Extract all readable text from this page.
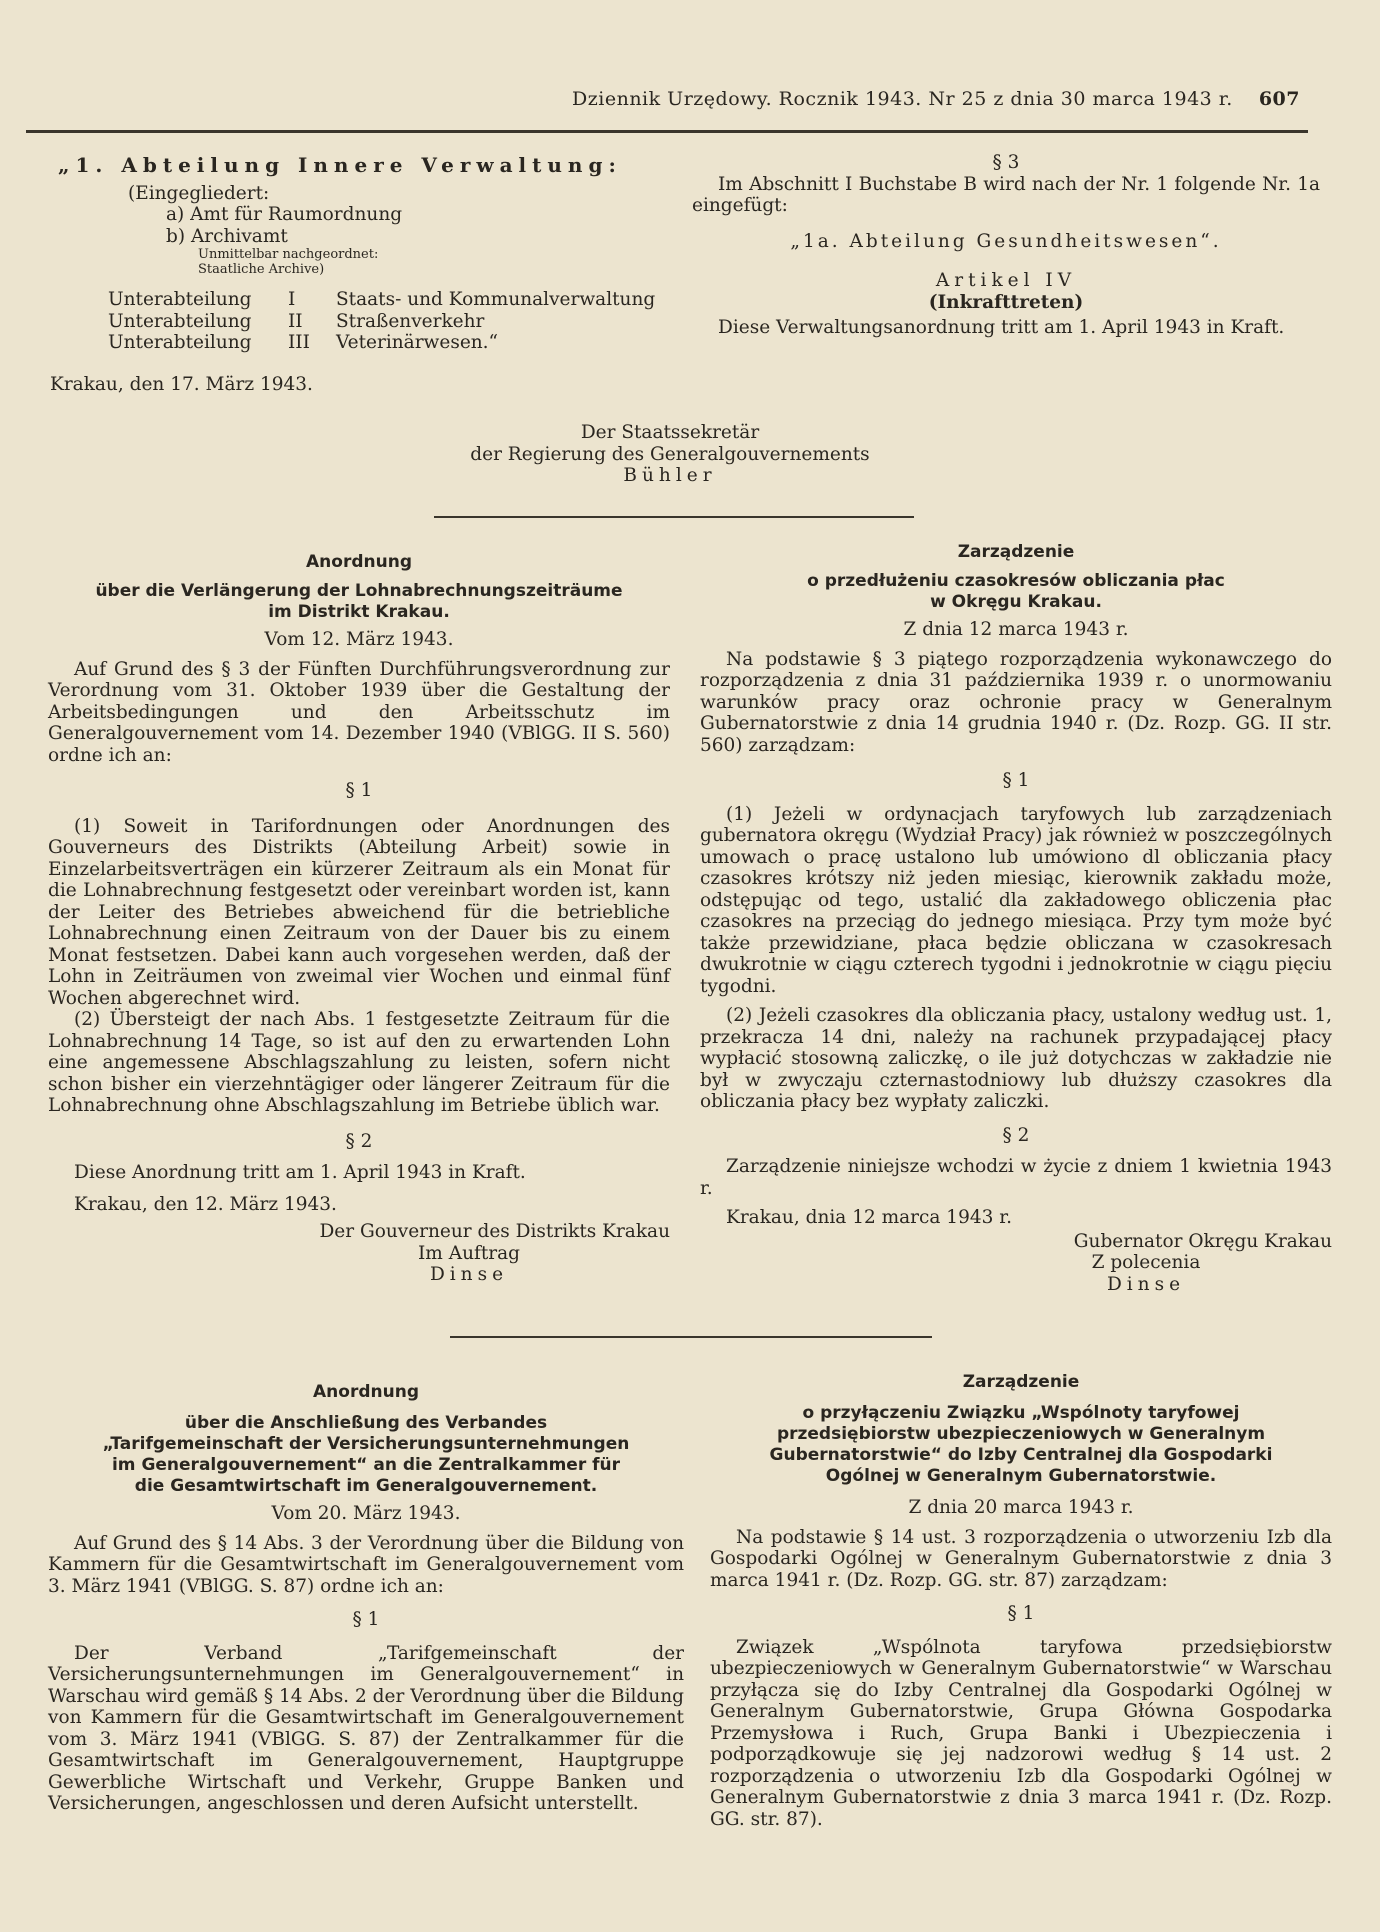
Dziennik Urzędowy. Rocznik 1943. Nr 25 z dnia 30 marca 1943 r. 607

„1. Abteilung Innere Verwaltung:

(Eingegliedert:

a) Amt für Raumordnung

b) Archivamt

Unmittelbar nachgeordnet:

Staatliche Archive)

Unterabteilung	I	Staats- und Kommunalverwaltung
Unterabteilung	II	Straßenverkehr
Unterabteilung	III	Veterinärwesen.“

Krakau, den 17. März 1943.

§ 3

Im Abschnitt I Buchstabe B wird nach der Nr. 1 folgende Nr. 1a eingefügt:

„1a. Abteilung Gesundheitswesen“.

Artikel IV

(Inkrafttreten)

Diese Verwaltungsanordnung tritt am 1. April 1943 in Kraft.

Der Staatssekretär

der Regierung des Generalgouvernements

Bühler

Anordnung

über die Verlängerung der Lohnabrechnungszeiträume

im Distrikt Krakau.

Vom 12. März 1943.

Auf Grund des § 3 der Fünften Durchführungsverordnung zur Verordnung vom 31. Oktober 1939 über die Gestaltung der Arbeitsbedingungen und den Arbeitsschutz im Generalgouvernement vom 14. Dezember 1940 (VBlGG. II S. 560) ordne ich an:

§ 1

(1) Soweit in Tarifordnungen oder Anordnungen des Gouverneurs des Distrikts (Abteilung Arbeit) sowie in Einzelarbeitsverträgen ein kürzerer Zeitraum als ein Monat für die Lohnabrechnung festgesetzt oder vereinbart worden ist, kann der Leiter des Betriebes abweichend für die betriebliche Lohnabrechnung einen Zeitraum von der Dauer bis zu einem Monat festsetzen. Dabei kann auch vorgesehen werden, daß der Lohn in Zeiträumen von zweimal vier Wochen und einmal fünf Wochen abgerechnet wird.

(2) Übersteigt der nach Abs. 1 festgesetzte Zeitraum für die Lohnabrechnung 14 Tage, so ist auf den zu erwartenden Lohn eine angemessene Abschlagszahlung zu leisten, sofern nicht schon bisher ein vierzehntägiger oder längerer Zeitraum für die Lohnabrechnung ohne Abschlagszahlung im Betriebe üblich war.

§ 2

Diese Anordnung tritt am 1. April 1943 in Kraft.

Krakau, den 12. März 1943.

Der Gouverneur des Distrikts Krakau

Im Auftrag

Dinse

Zarządzenie

o przedłużeniu czasokresów obliczania płac

w Okręgu Krakau.

Z dnia 12 marca 1943 r.

Na podstawie § 3 piątego rozporządzenia wykonawczego do rozporządzenia z dnia 31 października 1939 r. o unormowaniu warunków pracy oraz ochronie pracy w Generalnym Gubernatorstwie z dnia 14 grudnia 1940 r. (Dz. Rozp. GG. II str. 560) zarządzam:

§ 1

(1) Jeżeli w ordynacjach taryfowych lub zarządzeniach gubernatora okręgu (Wydział Pracy) jak również w poszczególnych umowach o pracę ustalono lub umówiono dl obliczania płacy czasokres krótszy niż jeden miesiąc, kierownik zakładu może, odstępując od tego, ustalić dla zakładowego obliczenia płac czasokres na przeciąg do jednego miesiąca. Przy tym może być także przewidziane, płaca będzie obliczana w czasokresach dwukrotnie w ciągu czterech tygodni i jednokrotnie w ciągu pięciu tygodni.

(2) Jeżeli czasokres dla obliczania płacy, ustalony według ust. 1, przekracza 14 dni, należy na rachunek przypadającej płacy wypłacić stosowną zaliczkę, o ile już dotychczas w zakładzie nie był w zwyczaju czternastodniowy lub dłuższy czasokres dla obliczania płacy bez wypłaty zaliczki.

§ 2

Zarządzenie niniejsze wchodzi w życie z dniem 1 kwietnia 1943 r.

Krakau, dnia 12 marca 1943 r.

Gubernator Okręgu Krakau

Z polecenia

Dinse

Anordnung

über die Anschließung des Verbandes

„Tarifgemeinschaft der Versicherungsunternehmungen

im Generalgouvernement“ an die Zentralkammer für

die Gesamtwirtschaft im Generalgouvernement.

Vom 20. März 1943.

Auf Grund des § 14 Abs. 3 der Verordnung über die Bildung von Kammern für die Gesamtwirtschaft im Generalgouvernement vom 3. März 1941 (VBlGG. S. 87) ordne ich an:

§ 1

Der Verband „Tarifgemeinschaft der Versicherungsunternehmungen im Generalgouvernement“ in Warschau wird gemäß § 14 Abs. 2 der Verordnung über die Bildung von Kammern für die Gesamtwirtschaft im Generalgouvernement vom 3. März 1941 (VBlGG. S. 87) der Zentralkammer für die Gesamtwirtschaft im Generalgouvernement, Hauptgruppe Gewerbliche Wirtschaft und Verkehr, Gruppe Banken und Versicherungen, angeschlossen und deren Aufsicht unterstellt.

Zarządzenie

o przyłączeniu Związku „Wspólnoty taryfowej

przedsiębiorstw ubezpieczeniowych w Generalnym

Gubernatorstwie“ do Izby Centralnej dla Gospodarki

Ogólnej w Generalnym Gubernatorstwie.

Z dnia 20 marca 1943 r.

Na podstawie § 14 ust. 3 rozporządzenia o utworzeniu Izb dla Gospodarki Ogólnej w Generalnym Gubernatorstwie z dnia 3 marca 1941 r. (Dz. Rozp. GG. str. 87) zarządzam:

§ 1

Związek „Wspólnota taryfowa przedsiębiorstw ubezpieczeniowych w Generalnym Gubernatorstwie“ w Warschau przyłącza się do Izby Centralnej dla Gospodarki Ogólnej w Generalnym Gubernatorstwie, Grupa Główna Gospodarka Przemysłowa i Ruch, Grupa Banki i Ubezpieczenia i podporządkowuje się jej nadzorowi według § 14 ust. 2 rozporządzenia o utworzeniu Izb dla Gospodarki Ogólnej w Generalnym Gubernatorstwie z dnia 3 marca 1941 r. (Dz. Rozp. GG. str. 87).
